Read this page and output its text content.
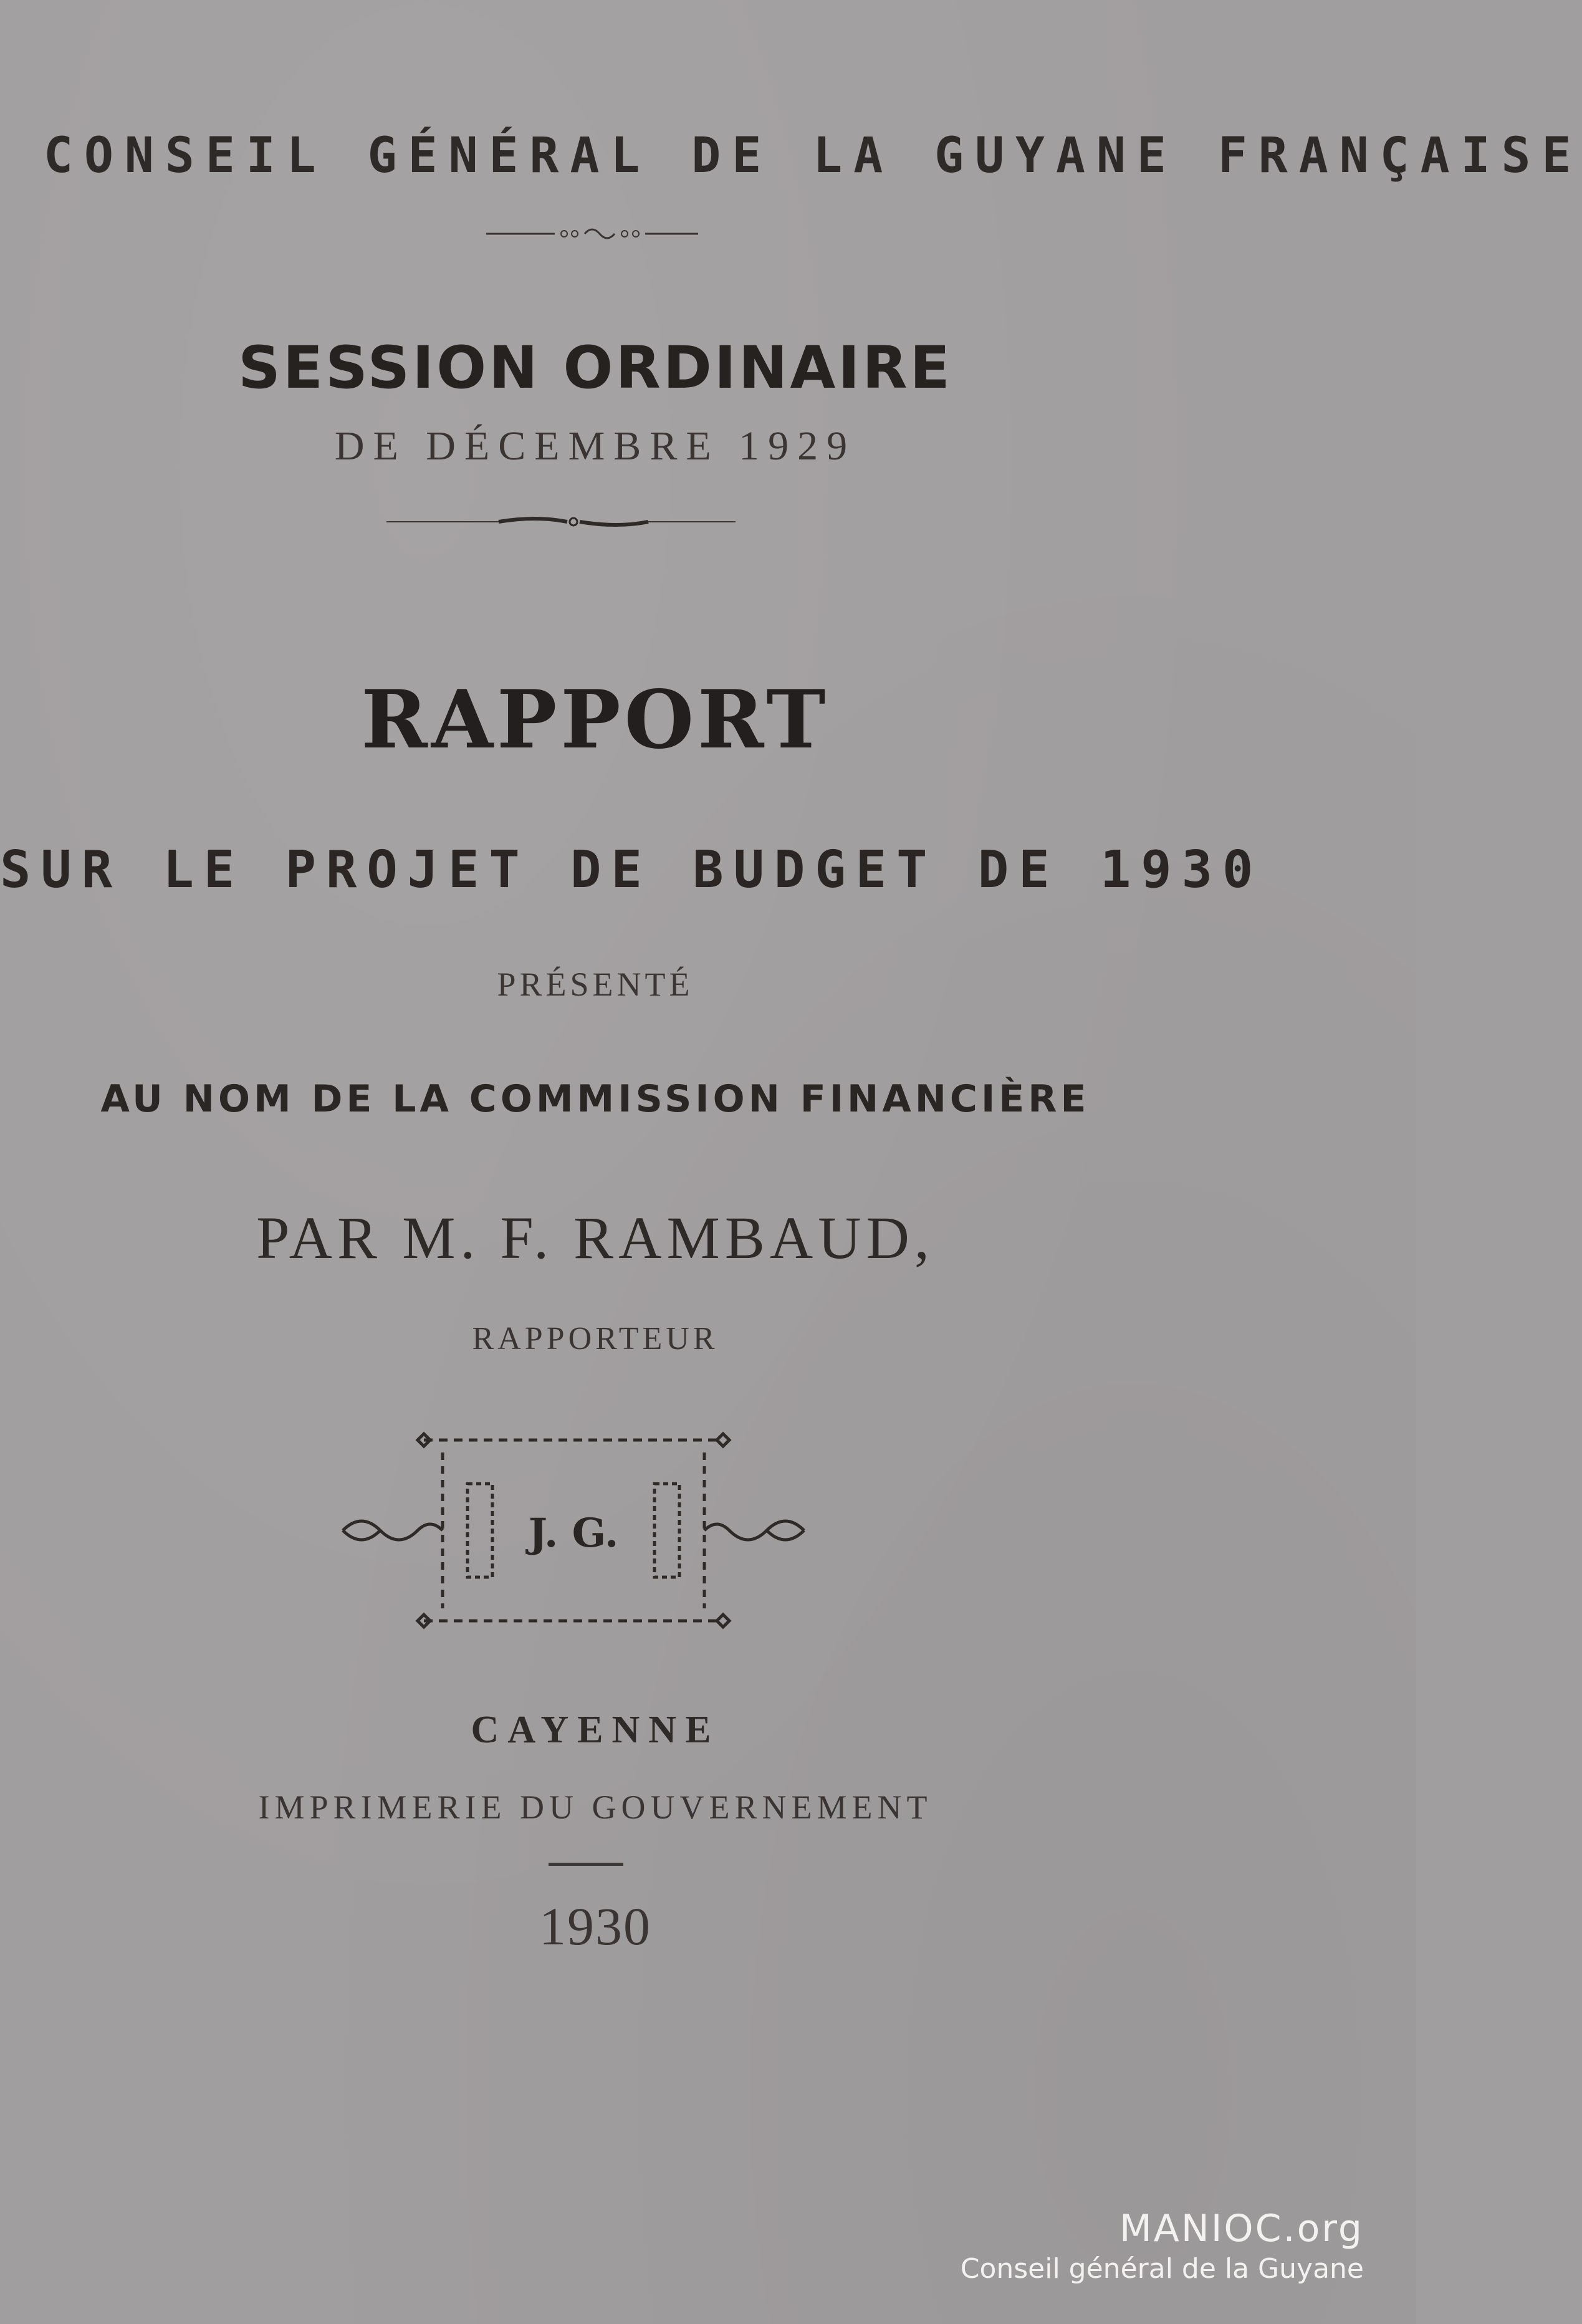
CONSEIL GÉNÉRAL DE LA GUYANE FRANÇAISE

SESSION ORDINAIRE

DE DÉCEMBRE 1929

RAPPORT

SUR LE PROJET DE BUDGET DE 1930

PRÉSENTÉ

AU NOM DE LA COMMISSION FINANCIÈRE

PAR M. F. RAMBAUD,

RAPPORTEUR

J. G.

CAYENNE

IMPRIMERIE DU GOUVERNEMENT

1930

MANIOC.org
Conseil général de la Guyane
